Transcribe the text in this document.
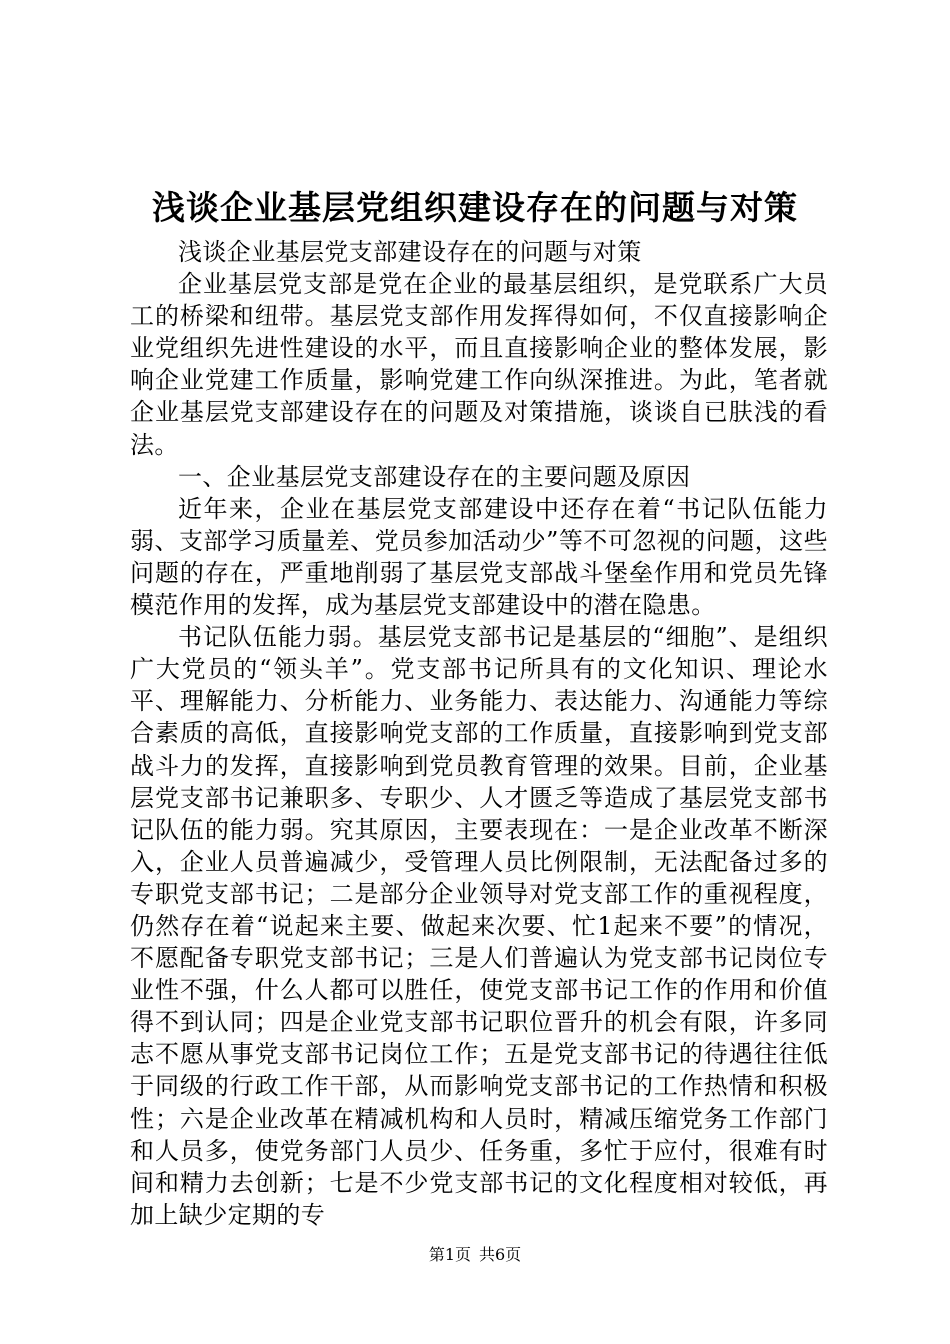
浅谈企业基层党组织建设存在的问题与对策

浅谈企业基层党支部建设存在的问题与对策

企业基层党支部是党在企业的最基层组织，是党联系广大员工的桥梁和纽带。基层党支部作用发挥得如何，不仅直接影响企业党组织先进性建设的水平，而且直接影响企业的整体发展，影响企业党建工作质量，影响党建工作向纵深推进。为此，笔者就企业基层党支部建设存在的问题及对策措施，谈谈自已肤浅的看法。

一、企业基层党支部建设存在的主要问题及原因

近年来，企业在基层党支部建设中还存在着“书记队伍能力弱、支部学习质量差、党员参加活动少”等不可忽视的问题，这些问题的存在，严重地削弱了基层党支部战斗堡垒作用和党员先锋模范作用的发挥，成为基层党支部建设中的潜在隐患。

书记队伍能力弱。基层党支部书记是基层的“细胞”、是组织广大党员的“领头羊”。党支部书记所具有的文化知识、理论水平、理解能力、分析能力、业务能力、表达能力、沟通能力等综合素质的高低，直接影响党支部的工作质量，直接影响到党支部战斗力的发挥，直接影响到党员教育管理的效果。目前，企业基层党支部书记兼职多、专职少、人才匮乏等造成了基层党支部书记队伍的能力弱。究其原因，主要表现在：一是企业改革不断深入，企业人员普遍减少，受管理人员比例限制，无法配备过多的专职党支部书记；二是部分企业领导对党支部工作的重视程度，仍然存在着“说起来主要、做起来次要、忙1起来不要”的情况，不愿配备专职党支部书记；三是人们普遍认为党支部书记岗位专业性不强，什么人都可以胜任，使党支部书记工作的作用和价值得不到认同；四是企业党支部书记职位晋升的机会有限，许多同志不愿从事党支部书记岗位工作；五是党支部书记的待遇往往低于同级的行政工作干部，从而影响党支部书记的工作热情和积极性；六是企业改革在精减机构和人员时，精减压缩党务工作部门和人员多，使党务部门人员少、任务重，多忙于应付，很难有时间和精力去创新；七是不少党支部书记的文化程度相对较低，再加上缺少定期的专

第1页 共6页
